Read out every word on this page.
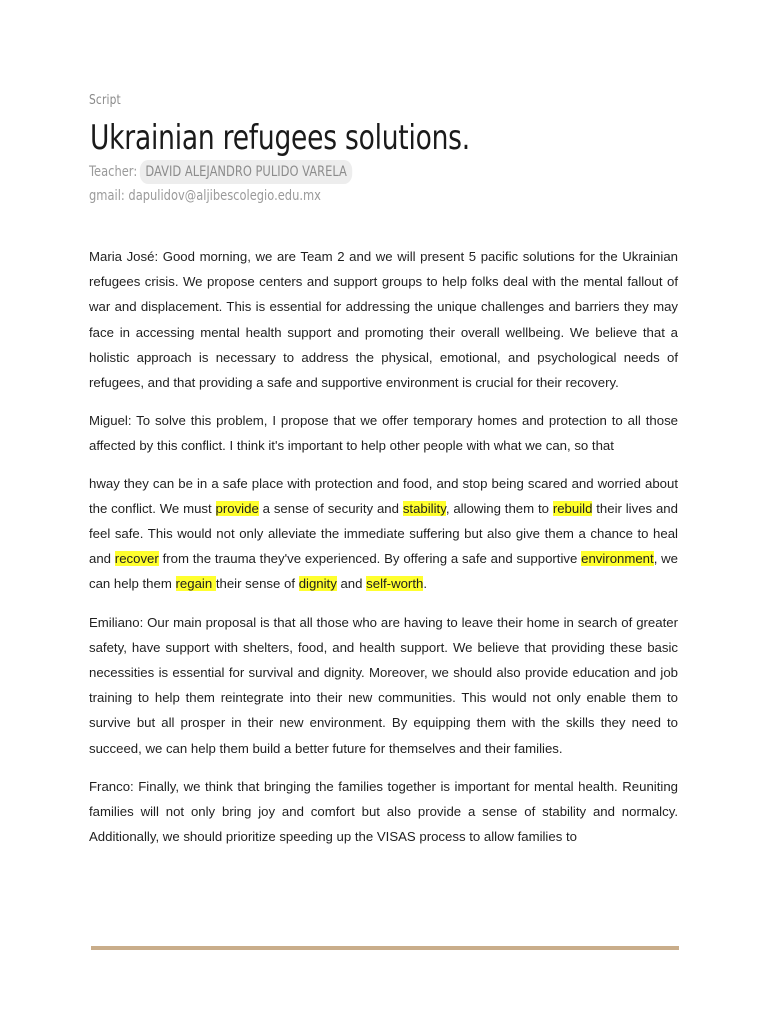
Script
Ukrainian refugees solutions.
Teacher: DAVID ALEJANDRO PULIDO VARELA
gmail: dapulidov@aljibescolegio.edu.mx

Maria José: Good morning, we are Team 2 and we will present 5 pacific solutions for the Ukrainian refugees crisis. We propose centers and support groups to help folks deal with the mental fallout of war and displacement. This is essential for addressing the unique challenges and barriers they may face in accessing mental health support and promoting their overall wellbeing. We believe that a holistic approach is necessary to address the physical, emotional, and psychological needs of refugees, and that providing a safe and supportive environment is crucial for their recovery.

Miguel: To solve this problem, I propose that we offer temporary homes and protection to all those affected by this conflict. I think it's important to help other people with what we can, so that

hway they can be in a safe place with protection and food, and stop being scared and worried about the conflict. We must provide a sense of security and stability, allowing them to rebuild their lives and feel safe. This would not only alleviate the immediate suffering but also give them a chance to heal and recover from the trauma they've experienced. By offering a safe and supportive environment, we can help them regain their sense of dignity and self-worth.

Emiliano: Our main proposal is that all those who are having to leave their home in search of greater safety, have support with shelters, food, and health support. We believe that providing these basic necessities is essential for survival and dignity. Moreover, we should also provide education and job training to help them reintegrate into their new communities. This would not only enable them to survive but all prosper in their new environment. By equipping them with the skills they need to succeed, we can help them build a better future for themselves and their families.

Franco: Finally, we think that bringing the families together is important for mental health. Reuniting families will not only bring joy and comfort but also provide a sense of stability and normalcy. Additionally, we should prioritize speeding up the VISAS process to allow families to
